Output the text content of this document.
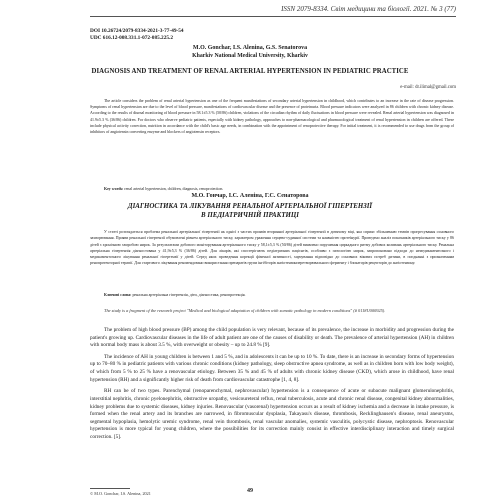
ISSN 2079-8334. Світ медицини та біології. 2021. № 3 (77)
DOI 10.26724/2079-8334-2021-3-77-49-54
UDC 616.12-008.331.1-072-085.225.2
M.O. Gonchar, I.S. Alenina, G.S. Senatorova
Kharkiv National Medical University, Kharkiv
DIAGNOSIS AND TREATMENT OF RENAL ARTERIAL HYPERTENSION IN PEDIATRIC PRACTICE
e-mail: dr.ilimal@gmail.com
The article considers the problem of renal arterial hypertension as one of the frequent manifestations of secondary arterial hypertension in childhood, which contributes to an increase in the rate of disease progression. Symptoms of renal hypertension are due to the level of blood pressure, manifestations of cardiovascular disease and the presence of proteinuria. Blood pressure indicators were analyzed in 86 children with chronic kidney disease. According to the results of diurnal monitoring of blood pressure in 58.1±5.3 % (50/86) children, violations of the circadian rhythm of daily fluctuations in blood pressure were revealed. Renal arterial hypertension was diagnosed in 41.9±5.3 % (36/86) children. For doctors who observe pediatric patients, especially with kidney pathology, approaches to non-pharmacological and pharmacological treatment of renal hypertension in children are offered. These include physical activity correction, nutrition in accordance with the child's basic age needs, in combination with the appointment of renoprotective therapy. For initial treatment, it is recommended to use drugs from the group of inhibitors of angiotensin converting enzyme and blockers of angiotensin receptors.
Key words: renal arterial hypertension, children, diagnosis, renoprotection.
М.О. Гончар, І.С. Аленіна, Г.С. Сенаторова
ДІАГНОСТИКА ТА ЛІКУВАННЯ РЕНАЛЬНОЇ АРТЕРІАЛЬНОЇ ГІПЕРТЕНЗІЇ
В ПЕДІАТРИЧНІЙ ПРАКТИЦІ
У статті розглядається проблема ренальної артеріальної гіпертензії як однієї з частих проявів вторинної артеріальної гіпертензії в дитячому віці, яка сприяє збільшенню темпів прогресування основного захворювання. Прояви ренальної гіпертензії обумовлені рівнем артеріального тиску, характером ураження серцево-судинної системи та наявністю протеїнурії. Проведено аналіз показників артеріального тиску у 86 дітей з хронічною хворобою нирок. За результатами добового моніторування артеріального тиску у 58,1±5,3 % (50/86) дітей виявлено порушення циркадного ритму добових коливань артеріального тиску. Ренальна артеріальна гіпертензія діагностована у 41,9±5,3 % (36/86) дітей. Для лікарів, які спостерігають педіатричних пацієнтів, особливо з патологією нирок, запропоновано підходи до немедикаментозного і медикаментозного лікування ренальної гіпертензії у дітей. Серед яких проведення корекції фізичної активності, харчування відповідно до основних вікових потреб дитини, в поєднанні з призначенням ренопротекторної терапії. Для стартового лікування рекомендовано використання препаратів групи інгібіторів ангіотензинперетворювального ферменту і блокаторів рецепторів до ангіотензину.
Ключові слова: ренальна артеріальна гіпертензія, діти, діагностика, ренопротекція.
The study is a fragment of the research project "Medical and biological adaptation of children with somatic pathology in modern conditions" (# 0118U000925).

The problem of high blood pressure (BP) among the child population is very relevant, because of its prevalence, the increase in morbidity and progression during the patient's growing up. Cardiovascular diseases in the life of adult patient are one of the causes of disability or death. The prevalence of arterial hypertension (AH) in children with normal body mass is about 3.5 %, with overweight or obesity – up to 24.8 % [9].

The incidence of AH in young children is between 1 and 5 %, and in adolescents it can be up to 10 %. To date, there is an increase in secondary forms of hypertension up to 70–80 % in pediatric patients with various chronic conditions (kidney pathology, sleep obstructive apnea syndrome, as well as in children born with low body weight), of which from 5 % to 25 % have a renovascular etiology. Between 35 % and 45 % of adults with chronic kidney disease (CKD), which arose in childhood, have renal hypertension (RH) and a significantly higher risk of death from cardiovascular catastrophe [1, 4, 8].

RH can be of two types. Parenchymal (renoparenchymal, nephrovascular) hypertension is a consequence of acute or subacute malignant glomerulonephritis, interstitial nephritis, chronic pyelonephritis, obstructive uropathy, vesicoureteral reflux, renal tuberculosis, acute and chronic renal disease, congenital kidney abnormalities, kidney problems due to systemic diseases, kidney injuries. Renovascular (vasorenal) hypertension occurs as a result of kidney ischemia and a decrease in intake pressure, is formed when the renal artery and its branches are narrowed, in fibromuscular dysplasia, Takayasu's disease, thrombosis, Recklinghausen's disease, renal aneurysms, segmental hypoplasia, hemolytic uremic syndrome, renal vein thrombosis, renal vascular anomalies, systemic vasculitis, polycystic disease, nephroptosis. Renovascular hypertension is more typical for young children, where the possibilities for its correction mainly consist in effective interdisciplinary interaction and timely surgical correction. [5].

© M.O. Gonchar, I.S. Alenina, 2021	49
